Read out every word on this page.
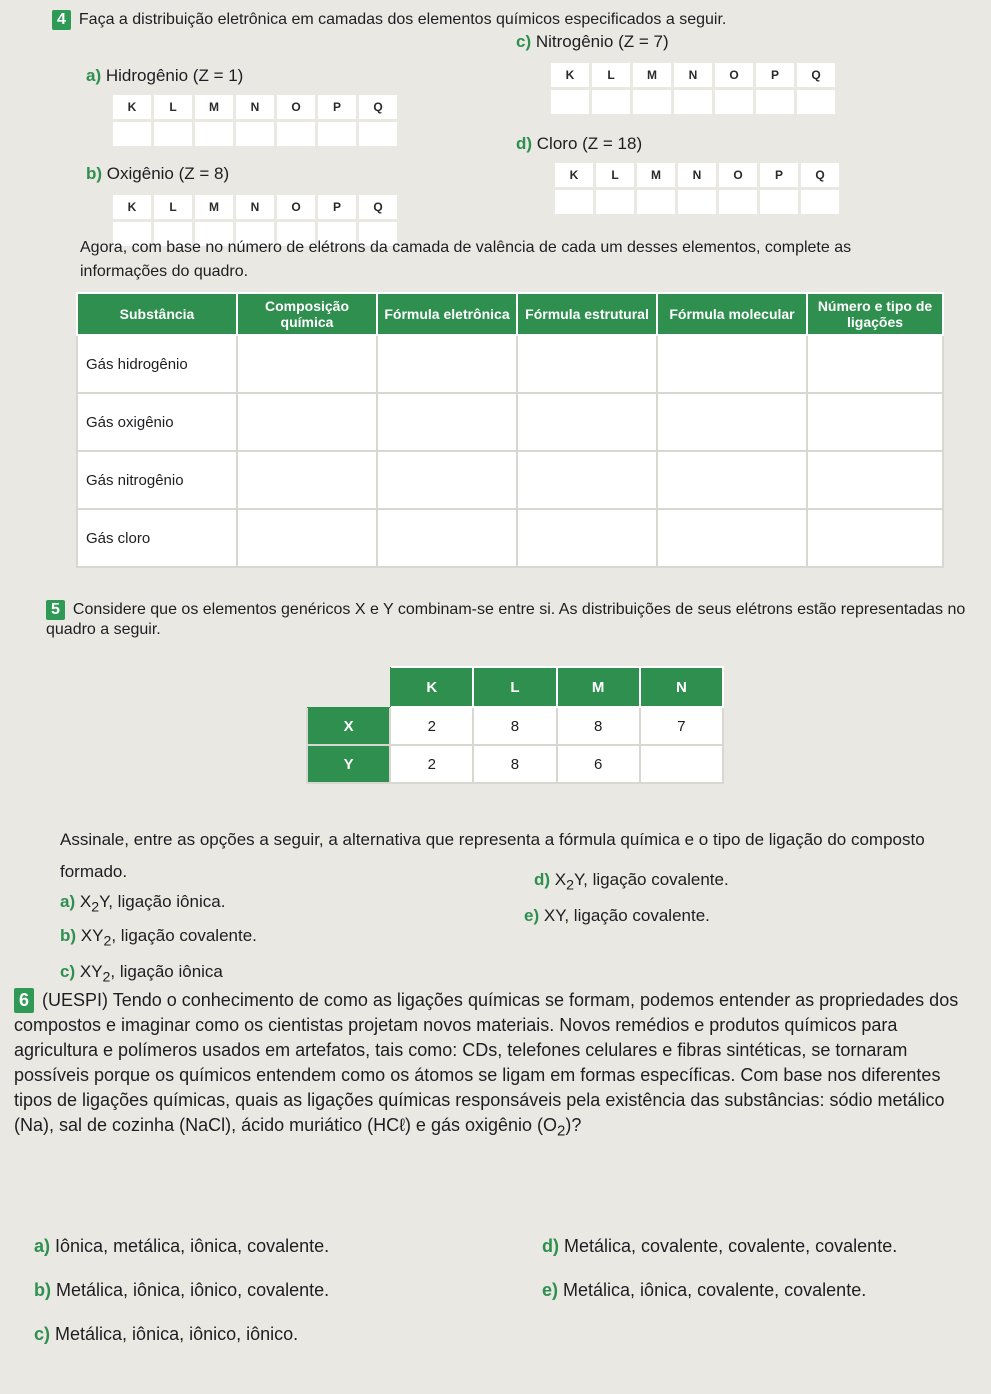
4 Faça a distribuição eletrônica em camadas dos elementos químicos especificados a seguir.
a) Hidrogênio (Z = 1)
K	L	M	N	O	P	Q

b) Oxigênio (Z = 8)
K	L	M	N	O	P	Q

c) Nitrogênio (Z = 7)
K	L	M	N	O	P	Q

d) Cloro (Z = 18)
K	L	M	N	O	P	Q

Agora, com base no número de elétrons da camada de valência de cada um desses elementos, complete as informações do quadro.
Substância	Composição química	Fórmula eletrônica	Fórmula estrutural	Fórmula molecular	Número e tipo de ligações
Gás hidrogênio					
Gás oxigênio					
Gás nitrogênio					
Gás cloro					
5 Considere que os elementos genéricos X e Y combinam-se entre si. As distribuições de seus elétrons estão representadas no quadro a seguir.
	K	L	M	N
X	2	8	8	7
Y	2	8	6	
Assinale, entre as opções a seguir, a alternativa que representa a fórmula química e o tipo de ligação do composto formado.
a) $X_2Y$, ligação iônica.
b) $XY_2$, ligação covalente.
c) $XY_2$, ligação iônica
d) $X_2Y$, ligação covalente.
e) XY, ligação covalente.
6 (UESPI) Tendo o conhecimento de como as ligações químicas se formam, podemos entender as propriedades dos compostos e imaginar como os cientistas projetam novos materiais. Novos remédios e produtos químicos para agricultura e polímeros usados em artefatos, tais como: CDs, telefones celulares e fibras sintéticas, se tornaram possíveis porque os químicos entendem como os átomos se ligam em formas específicas. Com base nos diferentes tipos de ligações químicas, quais as ligações químicas responsáveis pela existência das substâncias: sódio metálico (Na), sal de cozinha (NaCl), ácido muriático (HCℓ) e gás oxigênio $(O_2)$?
a) Iônica, metálica, iônica, covalente.
b) Metálica, iônica, iônico, covalente.
c) Metálica, iônica, iônico, iônico.
d) Metálica, covalente, covalente, covalente.
e) Metálica, iônica, covalente, covalente.
